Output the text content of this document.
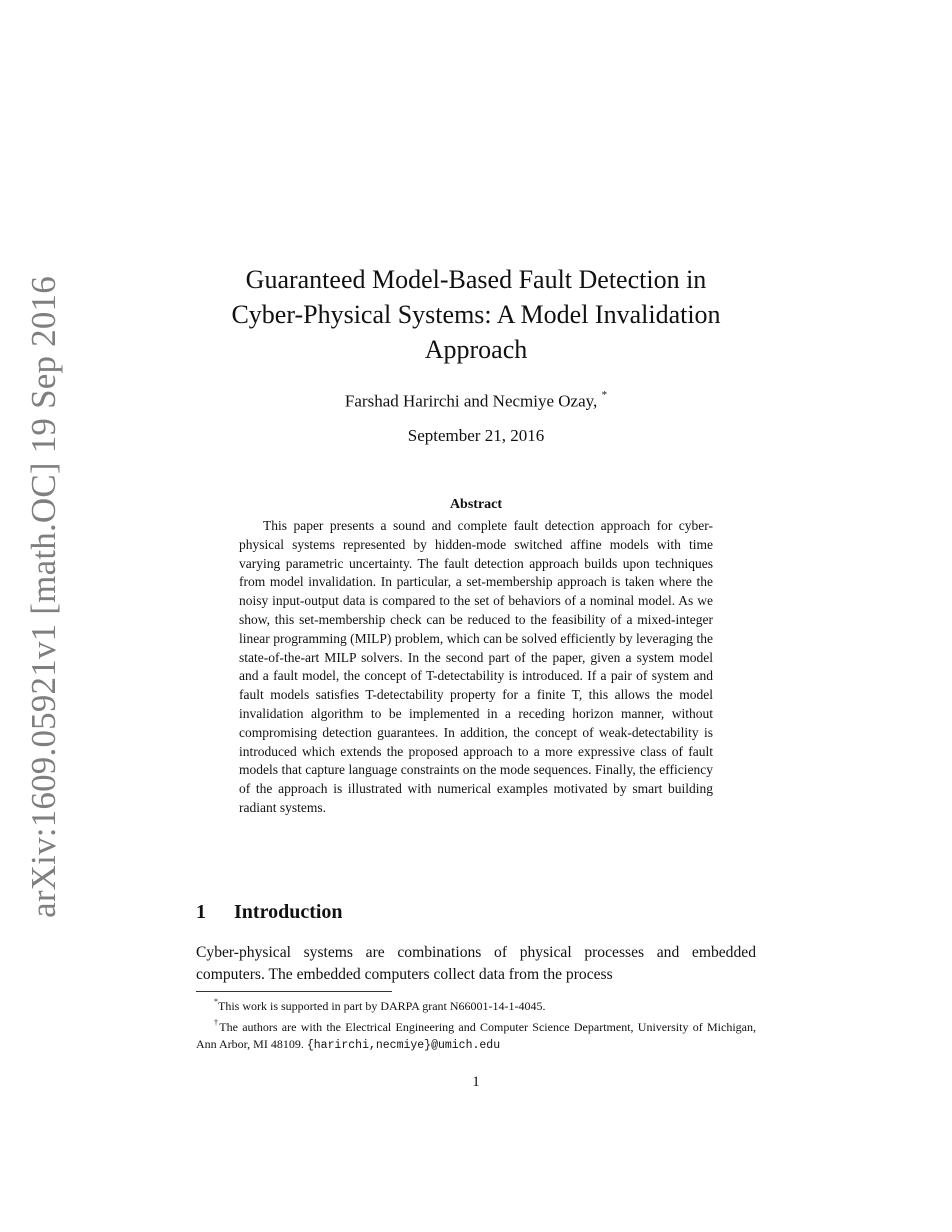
arXiv:1609.05921v1 [math.OC] 19 Sep 2016	Guaranteed Model-Based Fault Detection in
Cyber-Physical Systems: A Model Invalidation
Approach
Farshad Harirchi and Necmiye Ozay, *
September 21, 2016
Abstract

This paper presents a sound and complete fault detection approach for cyber-physical systems represented by hidden-mode switched affine models with time varying parametric uncertainty. The fault detection approach builds upon techniques from model invalidation. In particular, a set-membership approach is taken where the noisy input-output data is compared to the set of behaviors of a nominal model. As we show, this set-membership check can be reduced to the feasibility of a mixed-integer linear programming (MILP) problem, which can be solved efficiently by leveraging the state-of-the-art MILP solvers. In the second part of the paper, given a system model and a fault model, the concept of T-detectability is introduced. If a pair of system and fault models satisfies T-detectability property for a finite T, this allows the model invalidation algorithm to be implemented in a receding horizon manner, without compromising detection guarantees. In addition, the concept of weak-detectability is introduced which extends the proposed approach to a more expressive class of fault models that capture language constraints on the mode sequences. Finally, the efficiency of the approach is illustrated with numerical examples motivated by smart building radiant systems.

1 Introduction

Cyber-physical systems are combinations of physical processes and embedded computers. The embedded computers collect data from the process

*This work is supported in part by DARPA grant N66001-14-1-4045.

†The authors are with the Electrical Engineering and Computer Science Department, University of Michigan, Ann Arbor, MI 48109. {harirchi,necmiye}@umich.edu

1
